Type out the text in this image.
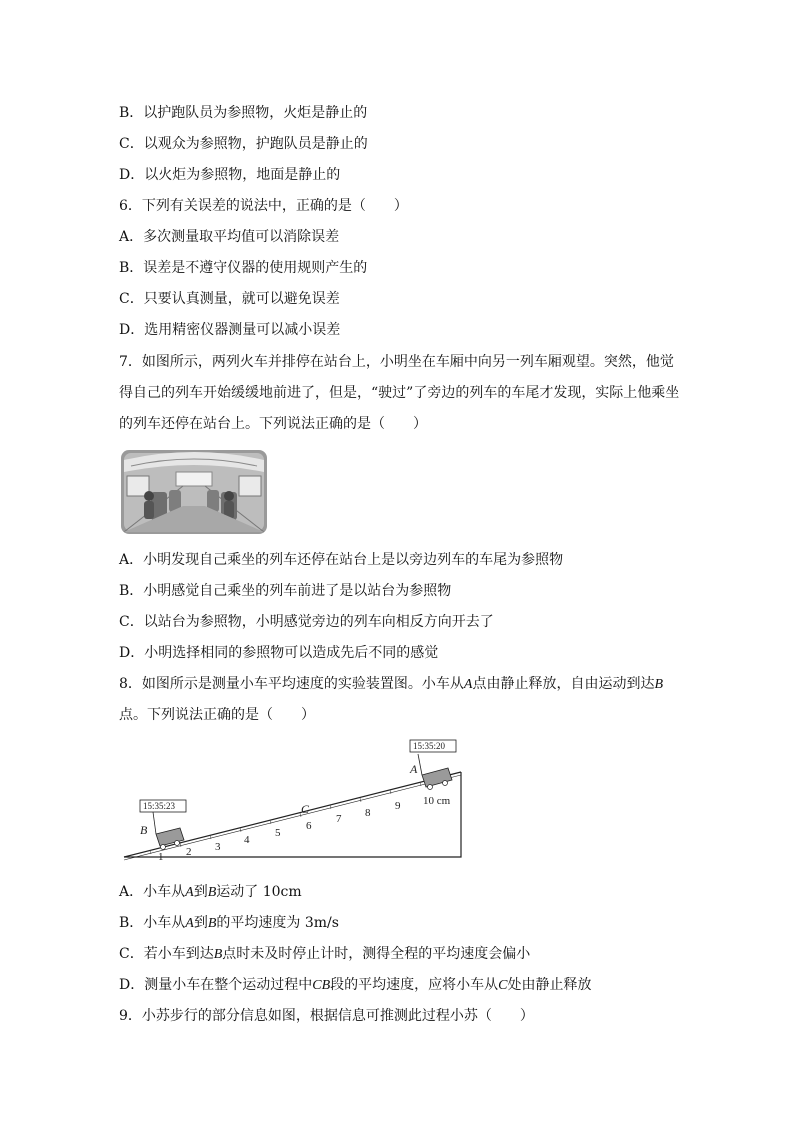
B．以护跑队员为参照物，火炬是静止的
C．以观众为参照物，护跑队员是静止的
D．以火炬为参照物，地面是静止的
6．下列有关误差的说法中，正确的是（　　）
A．多次测量取平均值可以消除误差
B．误差是不遵守仪器的使用规则产生的
C．只要认真测量，就可以避免误差
D．选用精密仪器测量可以减小误差
7．如图所示，两列火车并排停在站台上，小明坐在车厢中向另一列车厢观望。突然，他觉
得自己的列车开始缓缓地前进了，但是，“驶过”了旁边的列车的车尾才发现，实际上他乘坐
的列车还停在站台上。下列说法正确的是（　　）
A．小明发现自己乘坐的列车还停在站台上是以旁边列车的车尾为参照物
B．小明感觉自己乘坐的列车前进了是以站台为参照物
C．以站台为参照物，小明感觉旁边的列车向相反方向开去了
D．小明选择相同的参照物可以造成先后不同的感觉
8．如图所示是测量小车平均速度的实验装置图。小车从A点由静止释放，自由运动到达B
点。下列说法正确的是（　　）
1 2 3
4
5
6
7 8
9 10 cm
C
A
15:35:20
B
15:35:23
A．小车从A到B运动了 10cm
B．小车从A到B的平均速度为 3m/s
C．若小车到达B点时未及时停止计时，测得全程的平均速度会偏小
D．测量小车在整个运动过程中CB段的平均速度，应将小车从C处由静止释放
9．小苏步行的部分信息如图，根据信息可推测此过程小苏（　　）
